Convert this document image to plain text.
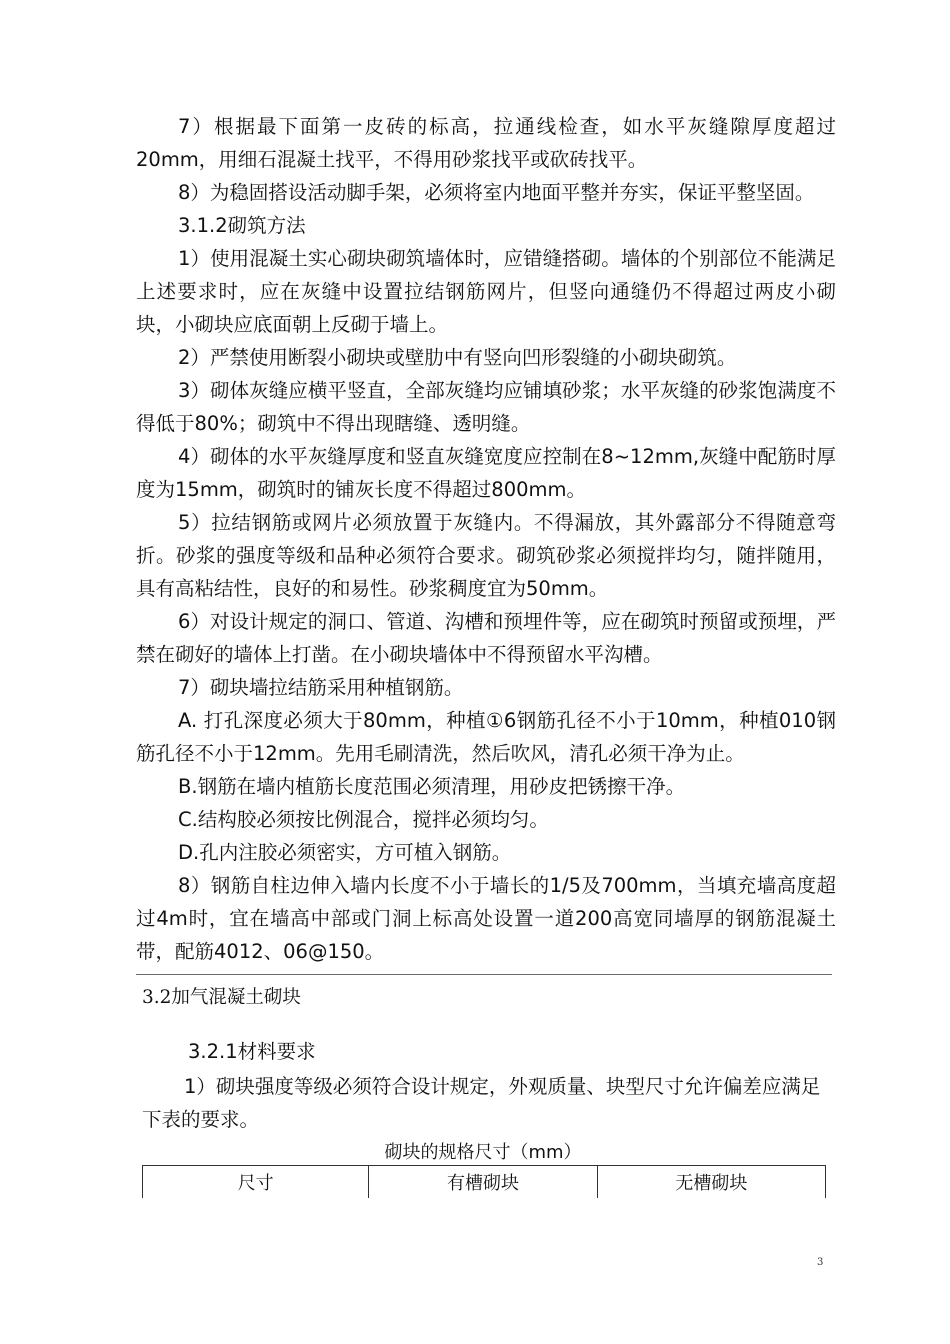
7）根据最下面第一皮砖的标高，拉通线检查，如水平灰缝隙厚度超过20mm，用细石混凝土找平，不得用砂浆找平或砍砖找平。

8）为稳固搭设活动脚手架，必须将室内地面平整并夯实，保证平整坚固。

3.1.2砌筑方法

1）使用混凝土实心砌块砌筑墙体时，应错缝搭砌。墙体的个别部位不能满足上述要求时，应在灰缝中设置拉结钢筋网片，但竖向通缝仍不得超过两皮小砌块，小砌块应底面朝上反砌于墙上。

2）严禁使用断裂小砌块或壁肋中有竖向凹形裂缝的小砌块砌筑。

3）砌体灰缝应横平竖直，全部灰缝均应铺填砂浆；水平灰缝的砂浆饱满度不得低于80%；砌筑中不得出现瞎缝、透明缝。

4）砌体的水平灰缝厚度和竖直灰缝宽度应控制在8~12mm,灰缝中配筋时厚度为15mm，砌筑时的铺灰长度不得超过800mm。

5）拉结钢筋或网片必须放置于灰缝内。不得漏放，其外露部分不得随意弯折。砂浆的强度等级和品种必须符合要求。砌筑砂浆必须搅拌均匀，随拌随用，具有高粘结性，良好的和易性。砂浆稠度宜为50mm。

6）对设计规定的洞口、管道、沟槽和预埋件等，应在砌筑时预留或预埋，严禁在砌好的墙体上打凿。在小砌块墙体中不得预留水平沟槽。

7）砌块墙拉结筋采用种植钢筋。

A. 打孔深度必须大于80mm，种植①6钢筋孔径不小于10mm，种植010钢筋孔径不小于12mm。先用毛刷清洗，然后吹风，清孔必须干净为止。

B.钢筋在墙内植筋长度范围必须清理，用砂皮把锈擦干净。

C.结构胶必须按比例混合，搅拌必须均匀。

D.孔内注胶必须密实，方可植入钢筋。

8）钢筋自柱边伸入墙内长度不小于墙长的1/5及700mm，当填充墙高度超过4m时，宜在墙高中部或门洞上标高处设置一道200高宽同墙厚的钢筋混凝土带，配筋4012、06@150。

3.2加气混凝土砌块

3.2.1材料要求

1）砌块强度等级必须符合设计规定，外观质量、块型尺寸允许偏差应满足下表的要求。

砌块的规格尺寸（mm）

尺寸	有槽砌块	无槽砌块
3
